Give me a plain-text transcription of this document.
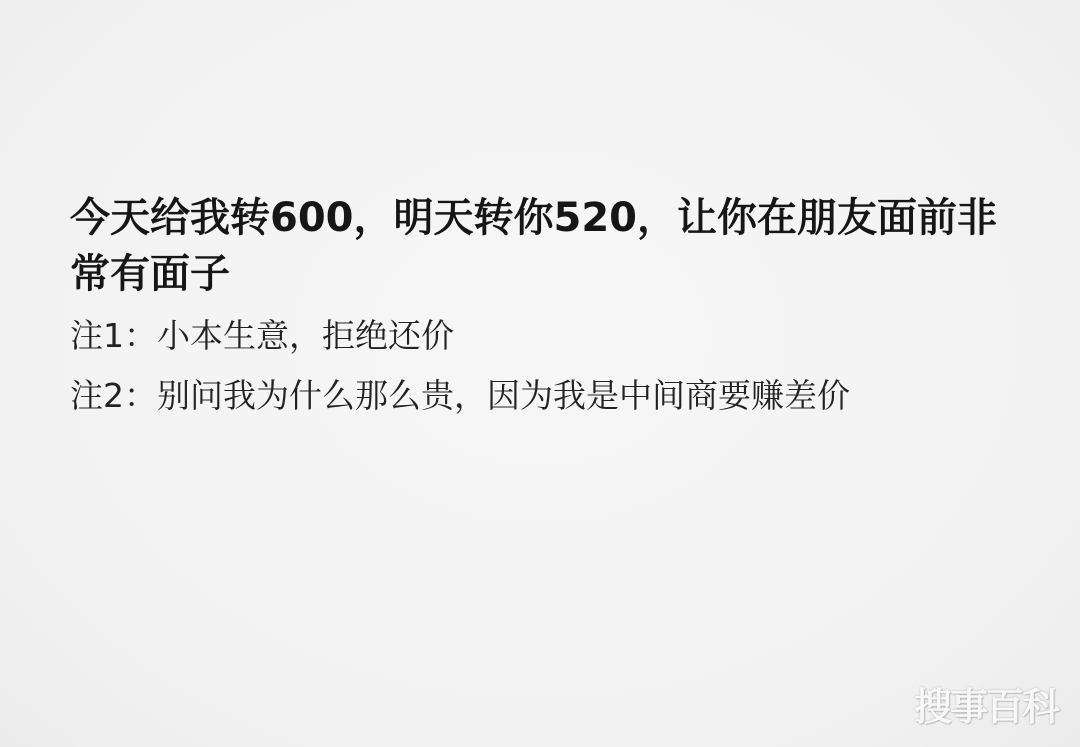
今天给我转600，明天转你520，让你在朋友面前非常有面子

注1：小本生意，拒绝还价

注2：别问我为什么那么贵，因为我是中间商要赚差价

搜事百科
